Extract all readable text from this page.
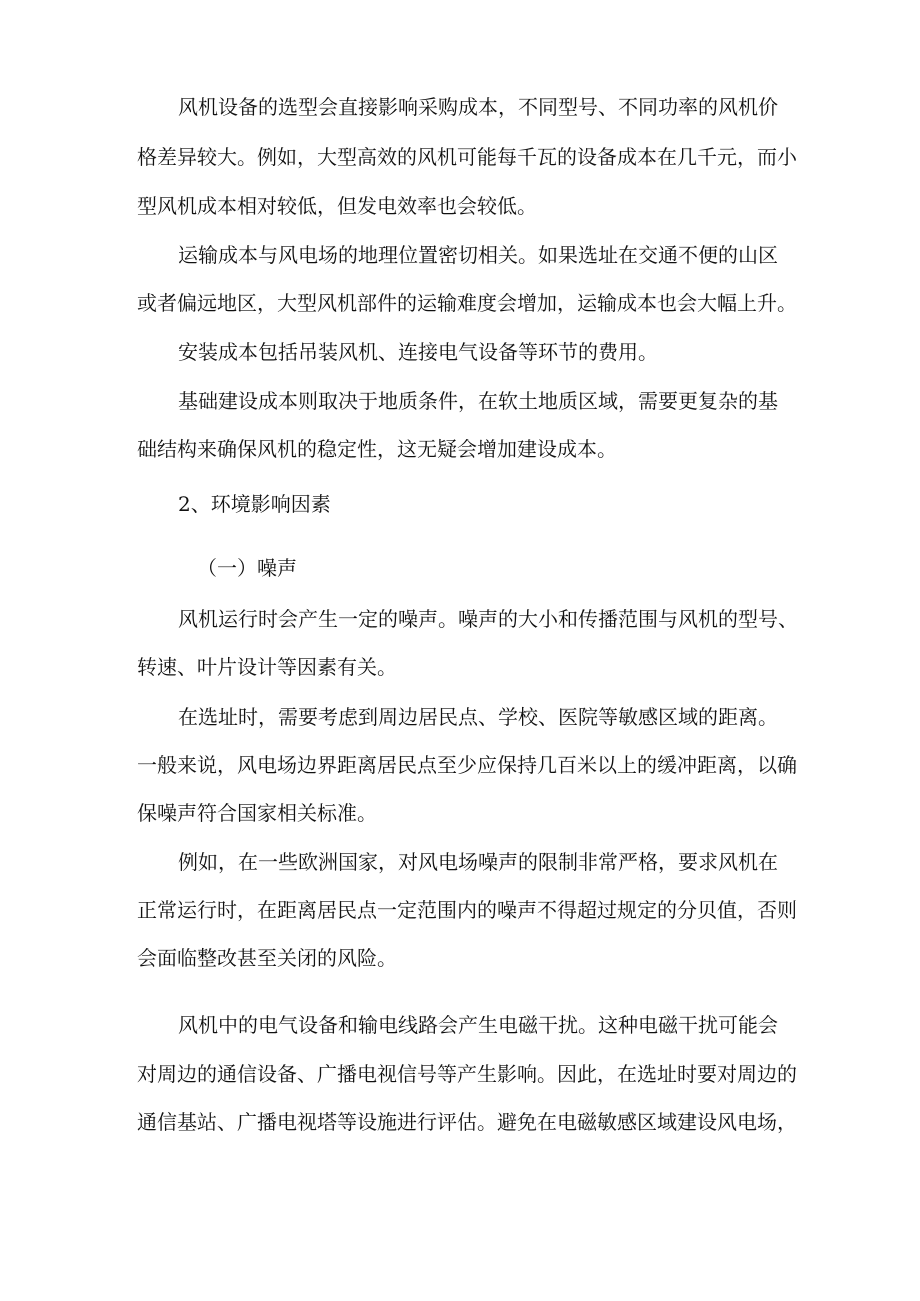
风机设备的选型会直接影响采购成本，不同型号、不同功率的风机价

格差异较大。例如，大型高效的风机可能每千瓦的设备成本在几千元，而小

型风机成本相对较低，但发电效率也会较低。

运输成本与风电场的地理位置密切相关。如果选址在交通不便的山区

或者偏远地区，大型风机部件的运输难度会增加，运输成本也会大幅上升。

安装成本包括吊装风机、连接电气设备等环节的费用。

基础建设成本则取决于地质条件，在软土地质区域，需要更复杂的基

础结构来确保风机的稳定性，这无疑会增加建设成本。

2、环境影响因素

（一）噪声

风机运行时会产生一定的噪声。噪声的大小和传播范围与风机的型号、

转速、叶片设计等因素有关。

在选址时，需要考虑到周边居民点、学校、医院等敏感区域的距离。

一般来说，风电场边界距离居民点至少应保持几百米以上的缓冲距离，以确

保噪声符合国家相关标准。

例如，在一些欧洲国家，对风电场噪声的限制非常严格，要求风机在

正常运行时，在距离居民点一定范围内的噪声不得超过规定的分贝值，否则

会面临整改甚至关闭的风险。

风机中的电气设备和输电线路会产生电磁干扰。这种电磁干扰可能会

对周边的通信设备、广播电视信号等产生影响。因此，在选址时要对周边的

通信基站、广播电视塔等设施进行评估。避免在电磁敏感区域建设风电场，
